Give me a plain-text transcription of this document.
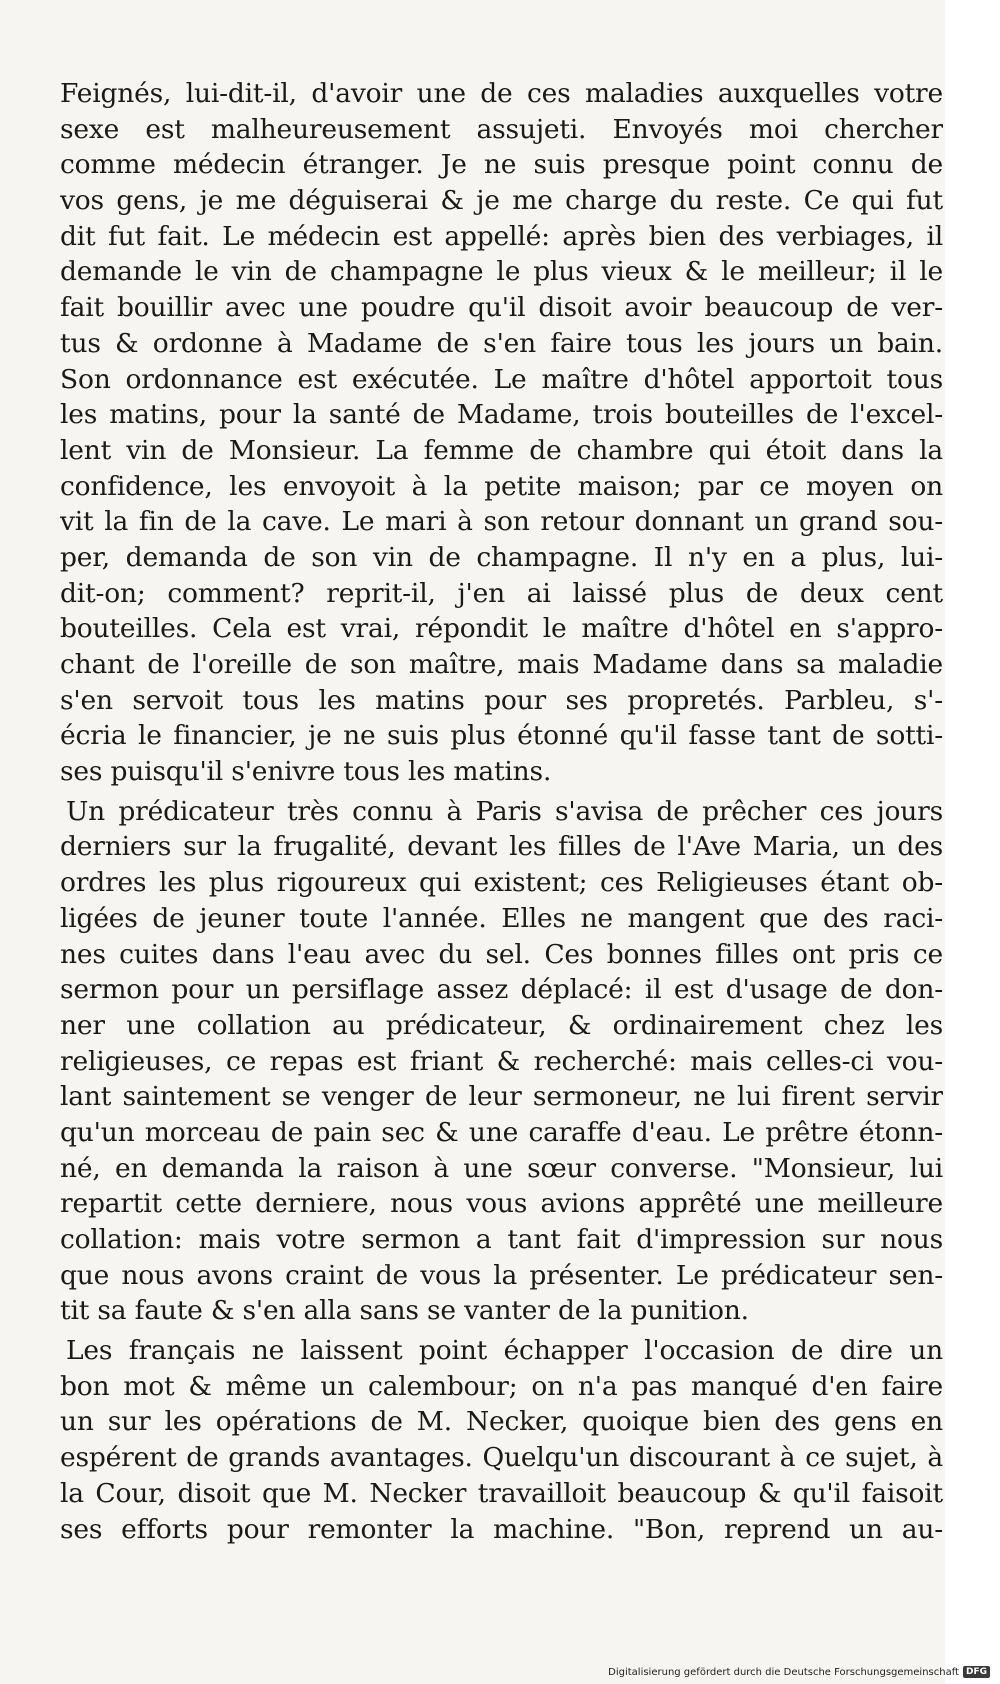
Feignés, lui-dit-il, d'avoir une de ces maladies auxquelles votre
sexe est malheureusement assujeti. Envoyés moi chercher
comme médecin étranger. Je ne suis presque point connu de
vos gens, je me déguiserai & je me charge du reste. Ce qui fut
dit fut fait. Le médecin est appellé: après bien des verbiages, il
demande le vin de champagne le plus vieux & le meilleur; il le
fait bouillir avec une poudre qu'il disoit avoir beaucoup de ver-
tus & ordonne à Madame de s'en faire tous les jours un bain.
Son ordonnance est exécutée. Le maître d'hôtel apportoit tous
les matins, pour la santé de Madame, trois bouteilles de l'excel-
lent vin de Monsieur. La femme de chambre qui étoit dans la
confidence, les envoyoit à la petite maison; par ce moyen on
vit la fin de la cave. Le mari à son retour donnant un grand sou-
per, demanda de son vin de champagne. Il n'y en a plus, lui-
dit-on; comment? reprit-il, j'en ai laissé plus de deux cent
bouteilles. Cela est vrai, répondit le maître d'hôtel en s'appro-
chant de l'oreille de son maître, mais Madame dans sa maladie
s'en servoit tous les matins pour ses propretés. Parbleu, s'-
écria le financier, je ne suis plus étonné qu'il fasse tant de sotti-
ses puisqu'il s'enivre tous les matins.
Un prédicateur très connu à Paris s'avisa de prêcher ces jours
derniers sur la frugalité, devant les filles de l'Ave Maria, un des
ordres les plus rigoureux qui existent; ces Religieuses étant ob-
ligées de jeuner toute l'année. Elles ne mangent que des raci-
nes cuites dans l'eau avec du sel. Ces bonnes filles ont pris ce
sermon pour un persiflage assez déplacé: il est d'usage de don-
ner une collation au prédicateur, & ordinairement chez les
religieuses, ce repas est friant & recherché: mais celles-ci vou-
lant saintement se venger de leur sermoneur, ne lui firent servir
qu'un morceau de pain sec & une caraffe d'eau. Le prêtre étonn-
né, en demanda la raison à une sœur converse. "Monsieur, lui
repartit cette derniere, nous vous avions apprêté une meilleure
collation: mais votre sermon a tant fait d'impression sur nous
que nous avons craint de vous la présenter. Le prédicateur sen-
tit sa faute & s'en alla sans se vanter de la punition.
Les français ne laissent point échapper l'occasion de dire un
bon mot & même un calembour; on n'a pas manqué d'en faire
un sur les opérations de M. Necker, quoique bien des gens en
espérent de grands avantages. Quelqu'un discourant à ce sujet, à
la Cour, disoit que M. Necker travailloit beaucoup & qu'il faisoit
ses efforts pour remonter la machine. "Bon, reprend un au-
Digitalisierung gefördert durch die Deutsche Forschungsgemeinschaft DFG
